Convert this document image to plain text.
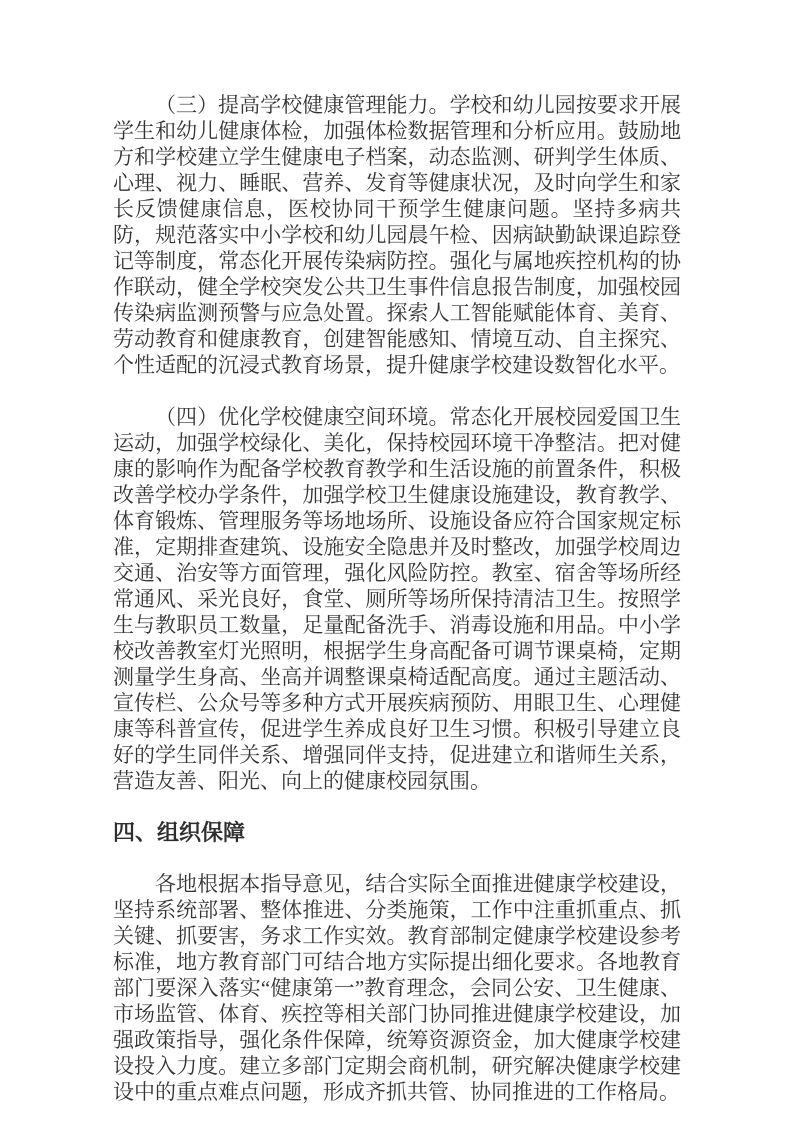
（三）提高学校健康管理能力。学校和幼儿园按要求开展学生和幼儿健康体检，加强体检数据管理和分析应用。鼓励地方和学校建立学生健康电子档案，动态监测、研判学生体质、心理、视力、睡眠、营养、发育等健康状况，及时向学生和家长反馈健康信息，医校协同干预学生健康问题。坚持多病共防，规范落实中小学校和幼儿园晨午检、因病缺勤缺课追踪登记等制度，常态化开展传染病防控。强化与属地疾控机构的协作联动，健全学校突发公共卫生事件信息报告制度，加强校园传染病监测预警与应急处置。探索人工智能赋能体育、美育、劳动教育和健康教育，创建智能感知、情境互动、自主探究、个性适配的沉浸式教育场景，提升健康学校建设数智化水平。

（四）优化学校健康空间环境。常态化开展校园爱国卫生运动，加强学校绿化、美化，保持校园环境干净整洁。把对健康的影响作为配备学校教育教学和生活设施的前置条件，积极改善学校办学条件，加强学校卫生健康设施建设，教育教学、体育锻炼、管理服务等场地场所、设施设备应符合国家规定标准，定期排查建筑、设施安全隐患并及时整改，加强学校周边交通、治安等方面管理，强化风险防控。教室、宿舍等场所经常通风、采光良好，食堂、厕所等场所保持清洁卫生。按照学生与教职员工数量，足量配备洗手、消毒设施和用品。中小学校改善教室灯光照明，根据学生身高配备可调节课桌椅，定期测量学生身高、坐高并调整课桌椅适配高度。通过主题活动、宣传栏、公众号等多种方式开展疾病预防、用眼卫生、心理健康等科普宣传，促进学生养成良好卫生习惯。积极引导建立良好的学生同伴关系、增强同伴支持，促进建立和谐师生关系，营造友善、阳光、向上的健康校园氛围。

四、组织保障

各地根据本指导意见，结合实际全面推进健康学校建设，坚持系统部署、整体推进、分类施策，工作中注重抓重点、抓关键、抓要害，务求工作实效。教育部制定健康学校建设参考标准，地方教育部门可结合地方实际提出细化要求。各地教育部门要深入落实“健康第一”教育理念，会同公安、卫生健康、市场监管、体育、疾控等相关部门协同推进健康学校建设，加强政策指导，强化条件保障，统筹资源资金，加大健康学校建设投入力度。建立多部门定期会商机制，研究解决健康学校建设中的重点难点问题，形成齐抓共管、协同推进的工作格局。
